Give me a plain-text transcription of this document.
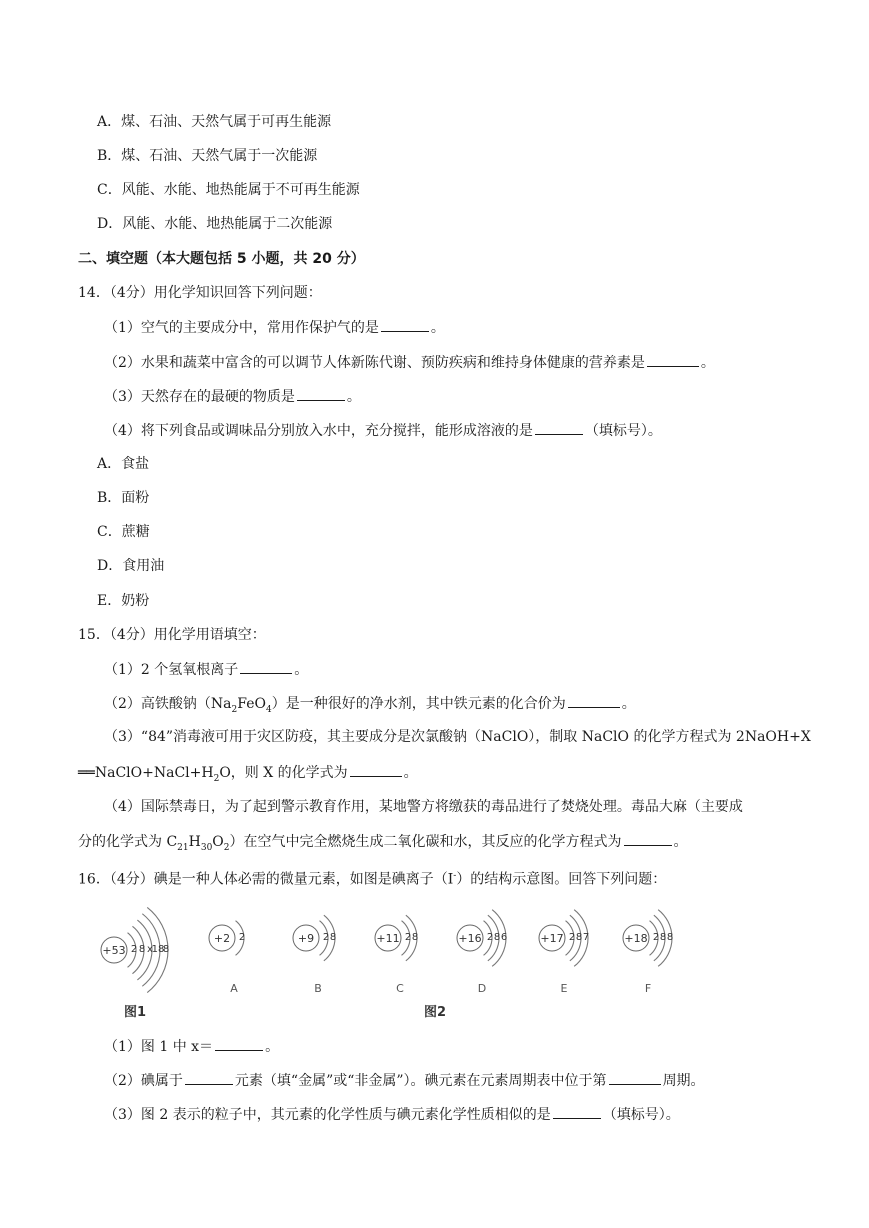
A．煤、石油、天然气属于可再生能源
B．煤、石油、天然气属于一次能源
C．风能、水能、地热能属于不可再生能源
D．风能、水能、地热能属于二次能源
二、填空题（本大题包括 5 小题，共 20 分）
14．（4分）用化学知识回答下列问题：
（1）空气的主要成分中，常用作保护气的是	。
（2）水果和蔬菜中富含的可以调节人体新陈代谢、预防疾病和维持身体健康的营养素是	。
（3）天然存在的最硬的物质是	。
（4）将下列食品或调味品分别放入水中，充分搅拌，能形成溶液的是	（填标号）。
A．食盐
B．面粉
C．蔗糖
D．食用油
E．奶粉
15．（4分）用化学用语填空：
（1）2 个氢氧根离子	。
（2）高铁酸钠$(Na_2FeO_4)$是一种很好的净水剂，其中铁元素的化合价为	。
（3）“84”消毒液可用于灾区防疫，其主要成分是次氯酸钠（NaClO），制取 NaClO 的化学方程式为 2NaOH+X
$══NaClO+NaCl+H_2O$，则 X 的化学式为	。
（4）国际禁毒日，为了起到警示教育作用，某地警方将缴获的毒品进行了焚烧处理。毒品大麻（主要成
分的化学式为 $C_{21}H_{30}O_2$）在空气中完全燃烧生成二氧化碳和水，其反应的化学方程式为	。
16．（4分）碘是一种人体必需的微量元素，如图是碘离子（I-）的结构示意图。回答下列问题：
+53 2 8 x
18
8
图1
+2 2
A
+9 2 8
B
+11 2 8
C
+16 2 8 6
D
+17 2 8 7
E
+18 2 8 8
F
图2
（1）图 1 中 x＝	。
（2）碘属于	元素（填“金属”或“非金属”）。碘元素在元素周期表中位于第	周期。
（3）图 2 表示的粒子中，其元素的化学性质与碘元素化学性质相似的是	（填标号）。
